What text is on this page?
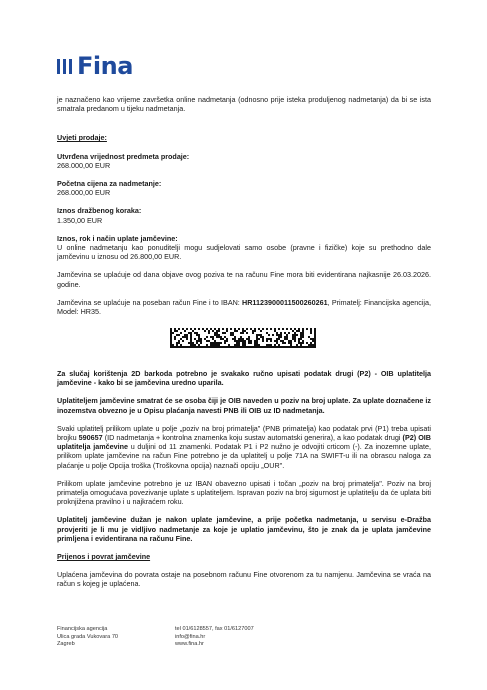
Fina

je naznačeno kao vrijeme završetka online nadmetanja (odnosno prije isteka produljenog nadmetanja) da bi se ista smatrala predanom u tijeku nadmetanja.

Uvjeti prodaje:

Utvrđena vrijednost predmeta prodaje:

268.000,00 EUR

Početna cijena za nadmetanje:

268.000,00 EUR

Iznos dražbenog koraka:

1.350,00 EUR

Iznos, rok i način uplate jamčevine:

U online nadmetanju kao ponuditelji mogu sudjelovati samo osobe (pravne i fizičke) koje su prethodno dale jamčevinu u iznosu od 26.800,00 EUR.

Jamčevina se uplaćuje od dana objave ovog poziva te na računu Fine mora biti evidentirana najkasnije 26.03.2026. godine.

Jamčevina se uplaćuje na poseban račun Fine i to IBAN: HR1123900011500260261, Primatelj: Financijska agencija, Model: HR35.

Za slučaj korištenja 2D barkoda potrebno je svakako ručno upisati podatak drugi (P2) - OIB uplatitelja jamčevine - kako bi se jamčevina uredno uparila.

Uplatiteljem jamčevine smatrat će se osoba čiji je OIB naveden u poziv na broj uplate. Za uplate doznačene iz inozemstva obvezno je u Opisu plaćanja navesti PNB ili OIB uz ID nadmetanja.

Svaki uplatitelj prilikom uplate u polje „poziv na broj primatelja" (PNB primatelja) kao podatak prvi (P1) treba upisati brojku 590657 (ID nadmetanja + kontrolna znamenka koju sustav automatski generira), a kao podatak drugi (P2) OIB uplatitelja jamčevine u duljini od 11 znamenki. Podatak P1 i P2 nužno je odvojiti crticom (-). Za inozemne uplate, prilikom uplate jamčevine na račun Fine potrebno je da uplatitelj u polje 71A na SWIFT-u ili na obrascu naloga za plaćanje u polje Opcija troška (Troškovna opcija) naznači opciju „OUR".

Prilikom uplate jamčevine potrebno je uz IBAN obavezno upisati i točan „poziv na broj primatelja". Poziv na broj primatelja omogućava povezivanje uplate s uplatiteljem. Ispravan poziv na broj sigurnost je uplatitelju da će uplata biti proknjižena pravilno i u najkraćem roku.

Uplatitelj jamčevine dužan je nakon uplate jamčevine, a prije početka nadmetanja, u servisu e-Dražba provjeriti je li mu je vidljivo nadmetanje za koje je uplatio jamčevinu, što je znak da je uplata jamčevine primljena i evidentirana na računu Fine.

Prijenos i povrat jamčevine

Uplaćena jamčevina do povrata ostaje na posebnom računu Fine otvorenom za tu namjenu. Jamčevina se vraća na račun s kojeg je uplaćena.

Financijska agencija
Ulica grada Vukovara 70
Zagreb
tel 01/6128557, fax 01/6127007
info@fina.hr
www.fina.hr
